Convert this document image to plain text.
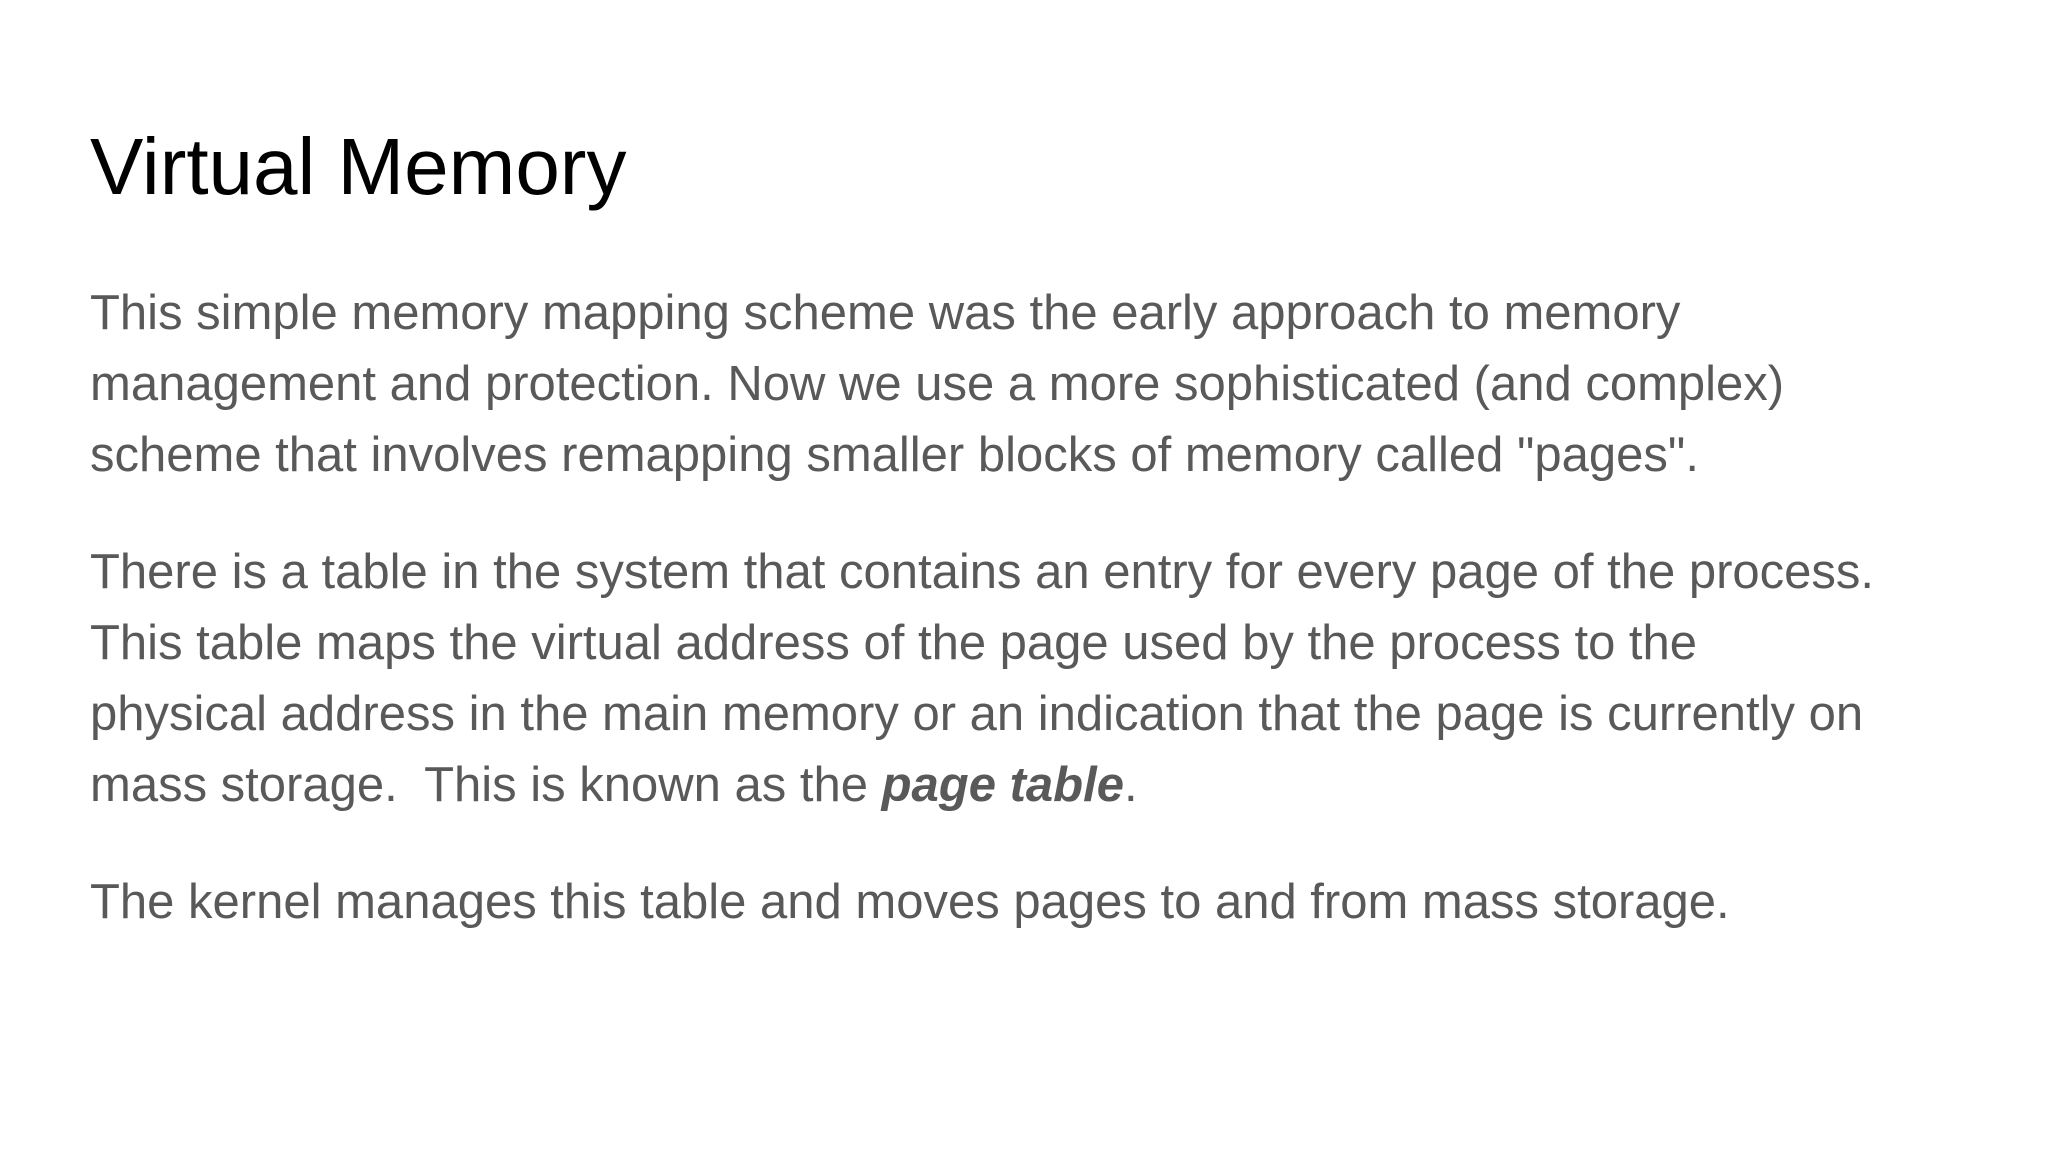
Virtual Memory

This simple memory mapping scheme was the early approach to memory
management and protection. Now we use a more sophisticated (and complex)
scheme that involves remapping smaller blocks of memory called "pages".

There is a table in the system that contains an entry for every page of the process.
This table maps the virtual address of the page used by the process to the
physical address in the main memory or an indication that the page is currently on
mass storage.  This is known as the page table.

The kernel manages this table and moves pages to and from mass storage.
